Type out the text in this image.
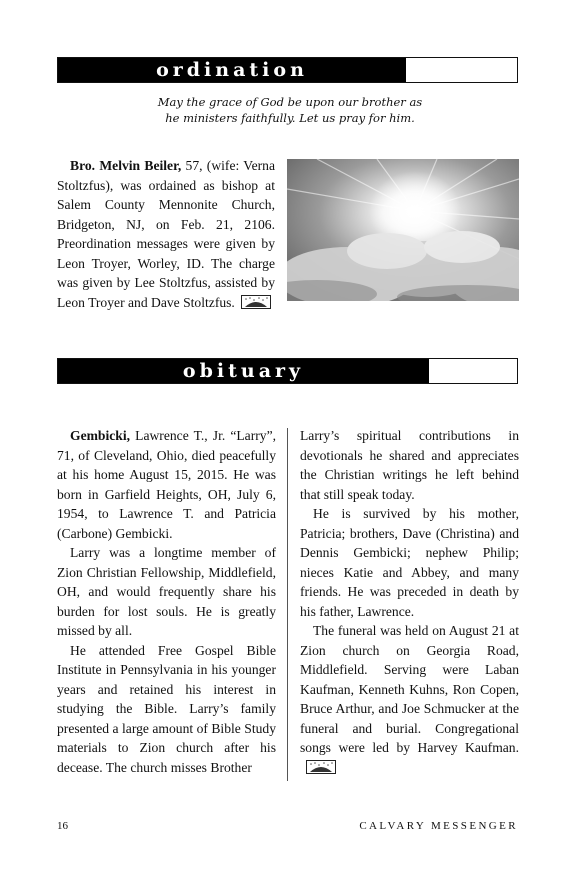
ordination
May the grace of God be upon our brother as
he ministers faithfully. Let us pray for him.

Bro. Melvin Beiler, 57, (wife: Verna Stoltzfus), was ordained as bishop at Salem County Mennonite Church, Bridgeton, NJ, on Feb. 21, 2106. Preordination messages were given by Leon Troyer, Worley, ID. The charge was given by Lee Stoltzfus, assisted by Leon Troyer and Dave Stoltzfus.

obituary

Gembicki, Lawrence T., Jr. “Larry”, 71, of Cleveland, Ohio, died peacefully at his home August 15, 2015. He was born in Garfield Heights, OH, July 6, 1954, to Lawrence T. and Patricia (Carbone) Gembicki.

Larry was a longtime member of Zion Christian Fellowship, Middlefield, OH, and would frequently share his burden for lost souls. He is greatly missed by all.

He attended Free Gospel Bible Institute in Pennsylvania in his younger years and retained his interest in studying the Bible. Larry’s family presented a large amount of Bible Study materials to Zion church after his decease. The church misses Brother

Larry’s spiritual contributions in devotionals he shared and appreciates the Christian writings he left behind that still speak today.

He is survived by his mother, Patricia; brothers, Dave (Christina) and Dennis Gembicki; nephew Philip; nieces Katie and Abbey, and many friends. He was preceded in death by his father, Lawrence.

The funeral was held on August 21 at Zion church on Georgia Road, Middlefield. Serving were Laban Kaufman, Kenneth Kuhns, Ron Copen, Bruce Arthur, and Joe Schmucker at the funeral and burial. Congregational songs were led by Harvey Kaufman.

16	CALVARY MESSENGER
